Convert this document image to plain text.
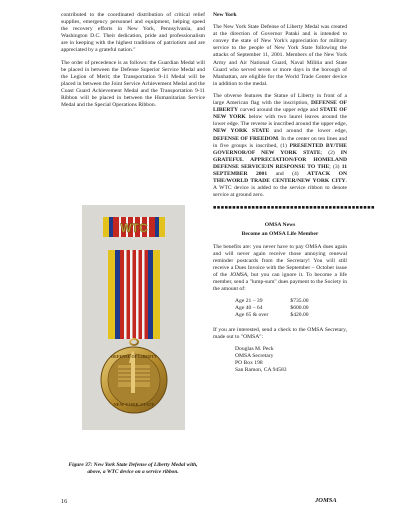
contributed to the coordinated distribution of critical relief supplies, emergency personnel and equipment, helping speed the recovery efforts in New York, Pennsylvania, and Washington D.C. Their dedication, pride and professionalism are in keeping with the highest traditions of patriotism and are appreciated by a grateful nation."

The order of precedence is as follows: the Guardian Medal will be placed in between the Defense Superior Service Medal and the Legion of Merit; the Transportation 9-11 Medal will be placed in between the Joint Service Achievement Medal and the Coast Guard Achievement Medal and the Transportation 9-11 Ribbon will be placed in between the Humanitarian Service Medal and the Special Operations Ribbon.

WTC
DEFENSE OF LIBERTY
NEW YORK STATE
Figure 37: New York State Defense of Liberty Medal with, above, a WTC device on a service ribbon.
New York

The New York State Defense of Liberty Medal was created at the direction of Governor Pataki and is intended to convey the state of New York's appreciation for military service to the people of New York State following the attacks of September 11, 2001. Members of the New York Army and Air National Guard, Naval Militia and State Guard who served seven or more days in the borough of Manhattan, are eligible for the World Trade Center device in addition to the medal.

The obverse features the Statue of Liberty in front of a large American flag with the inscription, DEFENSE OF LIBERTY curved around the upper edge and STATE OF NEW YORK below with two laurel leaves around the lower edge. The reverse is inscribed around the upper edge, NEW YORK STATE and around the lower edge, DEFENSE OF FREEDOM. In the center on ten lines and in five groups is inscribed, (1) PRESENTED BY/THE GOVERNOR/OF NEW YORK STATE; (2) IN GRATEFUL APPRECIATION/FOR HOMELAND DEFENSE SERVICE/IN RESPONSE TO THE; (3) 11 SEPTEMBER 2001 and (4) ATTACK ON THE/WORLD TRADE CENTER/NEW YORK CITY. A WTC device is added to the service ribbon to denote service at ground zero.

■■■■■■■■■■■■■■■■■■■■■■■■■■■■■■■■■■■■■■■■■■
OMSA News
Become an OMSA Life Member

The benefits are: you never have to pay OMSA dues again and will never again receive those annoying renewal reminder postcards from the Secretary! You will still receive a Dues Invoice with the September – October issue of the JOMSA, but you can ignore it. To become a life member, send a "lump-sum" dues payment to the Society in the amount of:

Age 21 – 39	$735.00
Age 40 – 64	$600.00
Age 65 & over	$420.00

If you are interested, send a check to the OMSA Secretary, made out to "OMSA":

Douglas M. Peck
OMSA Secretary
PO Box 198
San Ramon, CA 94583
16	JOMSA
